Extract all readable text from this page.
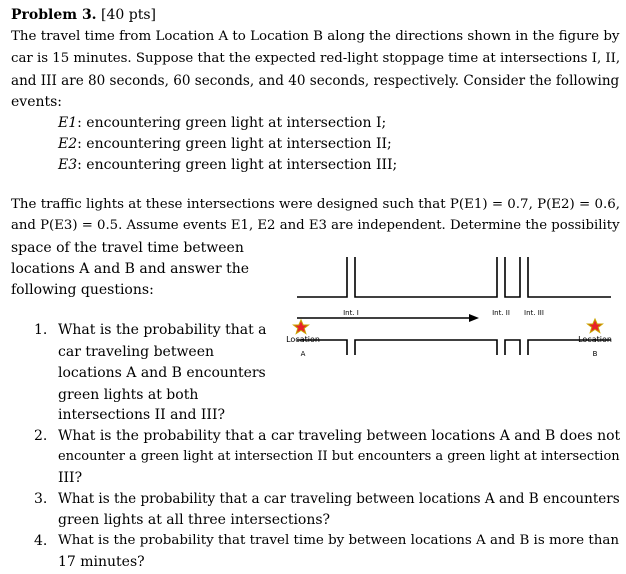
Problem 3. [40 pts]
The travel time from Location A to Location B along the directions shown in the figure by
car is 15 minutes. Suppose that the expected red-light stoppage time at intersections I, II,
and III are 80 seconds, 60 seconds, and 40 seconds, respectively. Consider the following
events:
E1: encountering green light at intersection I;
E2: encountering green light at intersection II;
E3: encountering green light at intersection III;
The traffic lights at these intersections were designed such that P(E1) = 0.7, P(E2) = 0.6,
and P(E3) = 0.5. Assume events E1, E2 and E3 are independent. Determine the possibility
space of the travel time between
locations A and B and answer the
following questions:
Int. I	Int. II Int. III
Location
A
Location
B
1. What is the probability that a
car traveling between
locations A and B encounters
green lights at both
intersections II and III?
2. What is the probability that a car traveling between locations A and B does not
encounter a green light at intersection II but encounters a green light at intersection
III?
3. What is the probability that a car traveling between locations A and B encounters
green lights at all three intersections?
4. What is the probability that travel time by between locations A and B is more than
17 minutes?
